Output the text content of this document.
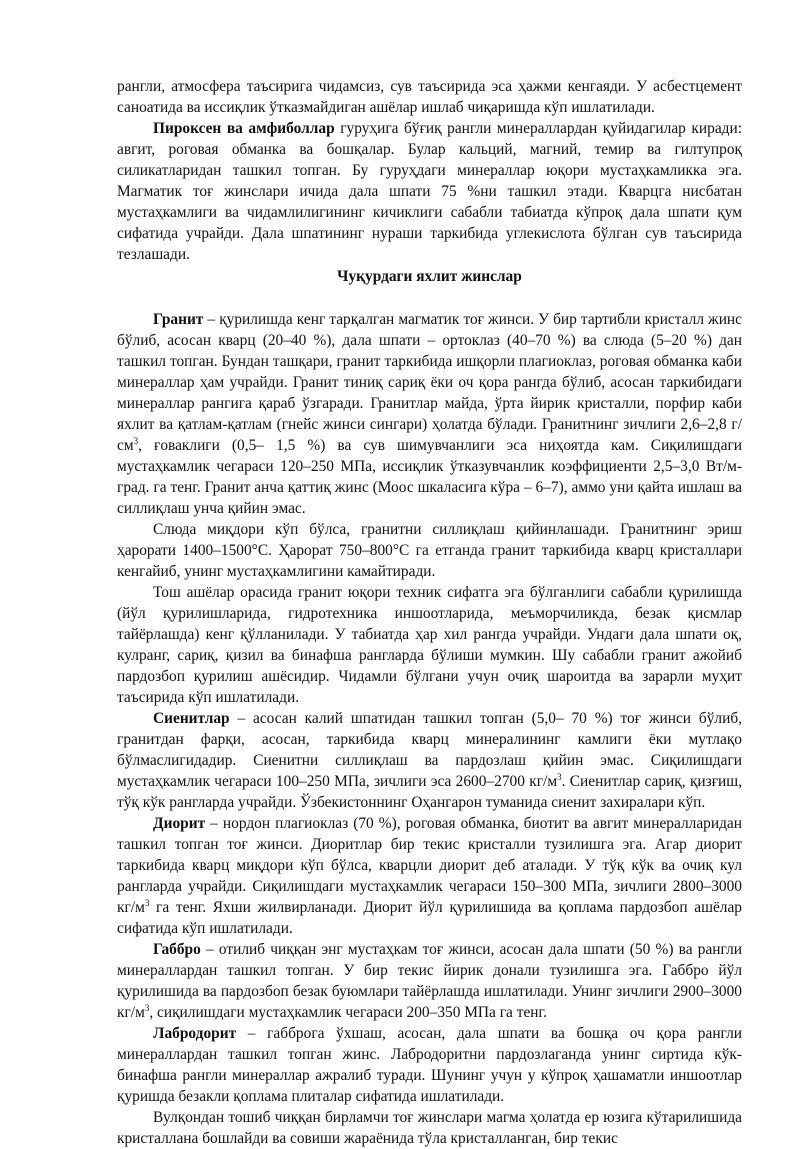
рангли, атмосфера таъсирига чидамсиз, сув таъсирида эса ҳажми кенгаяди. У асбестцемент саноатида ва иссиқлик ўтказмайдиган ашёлар ишлаб чиқаришда кўп ишлатилади.

Пироксен ва амфиболлар гуруҳига бўғиқ рангли минераллардан қуйидагилар киради: авгит, роговая обманка ва бошқалар. Булар кальций, магний, темир ва гилтупроқ силикатларидан ташкил топган. Бу гуруҳдаги минераллар юқори мустаҳкамликка эга. Магматик тоғ жинслари ичида дала шпати 75 %ни ташкил этади. Кварцга нисбатан мустаҳкамлиги ва чидамлилигининг кичиклиги сабабли табиатда кўпроқ дала шпати қум сифатида учрайди. Дала шпатининг нураши таркибида углекислота бўлган сув таъсирида тезлашади.

Чуқурдаги яхлит жинслар

Гранит – қурилишда кенг тарқалган магматик тоғ жинси. У бир тартибли кристалл жинс бўлиб, асосан кварц (20–40 %), дала шпати – ортоклаз (40–70 %) ва слюда (5–20 %) дан ташкил топган. Бундан ташқари, гранит таркибида ишқорли плагиоклаз, роговая обманка каби минераллар ҳам учрайди. Гранит тиниқ сариқ ёки оч қора рангда бўлиб, асосан таркибидаги минераллар рангига қараб ўзгаради. Гранитлар майда, ўрта йирик кристалли, порфир каби яхлит ва қатлам-қатлам (гнейс жинси сингари) ҳолатда бўлади. Гранитнинг зичлиги 2,6–2,8 $г/см^3$, ғоваклиги (0,5– 1,5 %) ва сув шимувчанлиги эса ниҳоятда кам. Сиқилишдаги мустаҳкамлик чегараси 120–250 МПа, иссиқлик ўтказувчанлик коэффициенти 2,5–3,0 Вт/м-град. га тенг. Гранит анча қаттиқ жинс (Моос шкаласига кўра – 6–7), аммо уни қайта ишлаш ва силлиқлаш унча қийин эмас.

Слюда миқдори кўп бўлса, гранитни силлиқлаш қийинлашади. Гранитнинг эриш ҳарорати 1400–1500°С. Ҳарорат 750–800°С га етганда гранит таркибида кварц кристаллари кенгайиб, унинг мустаҳкамлигини камайтиради.

Тош ашёлар орасида гранит юқори техник сифатга эга бўлганлиги сабабли қурилишда (йўл қурилишларида, гидротехника иншоотларида, меъморчиликда, безак қисмлар тайёрлашда) кенг қўлланилади. У табиатда ҳар хил рангда учрайди. Ундаги дала шпати оқ, кулранг, сариқ, қизил ва бинафша рангларда бўлиши мумкин. Шу сабабли гранит ажойиб пардозбоп қурилиш ашёсидир. Чидамли бўлгани учун очиқ шароитда ва зарарли муҳит таъсирида кўп ишлатилади.

Сиенитлар – асосан калий шпатидан ташкил топган (5,0– 70 %) тоғ жинси бўлиб, гранитдан фарқи, асосан, таркибида кварц минералининг камлиги ёки мутлақо бўлмаслигидадир. Сиенитни силлиқлаш ва пардозлаш қийин эмас. Сиқилишдаги мустаҳкамлик чегараси 100–250 МПа, зичлиги эса 2600–2700 $кг/м^3$. Сиенитлар сариқ, қизғиш, тўқ кўк рангларда учрайди. Ўзбекистоннинг Оҳангарон туманида сиенит захиралари кўп.

Диорит – нордон плагиоклаз (70 %), роговая обманка, биотит ва авгит минералларидан ташкил топган тоғ жинси. Диоритлар бир текис кристалли тузилишга эга. Агар диорит таркибида кварц миқдори кўп бўлса, кварцли диорит деб аталади. У тўқ кўк ва очиқ кул рангларда учрайди. Сиқилишдаги мустаҳкамлик чегараси 150–300 МПа, зичлиги 2800–3000 $кг/м^3$ га тенг. Яхши жилвирланади. Диорит йўл қурилишида ва қоплама пардозбоп ашёлар сифатида кўп ишлатилади.

Габбро – отилиб чиққан энг мустаҳкам тоғ жинси, асосан дала шпати (50 %) ва рангли минераллардан ташкил топган. У бир текис йирик донали тузилишга эга. Габбро йўл қурилишида ва пардозбоп безак буюмлари тайёрлашда ишлатилади. Унинг зичлиги 2900–3000 $кг/м^3$, сиқилишдаги мустаҳкамлик чегараси 200–350 МПа га тенг.

Лабродорит – габброга ўхшаш, асосан, дала шпати ва бошқа оч қора рангли минераллардан ташкил топган жинс. Лабродоритни пардозлаганда унинг сиртида кўк-бинафша рангли минераллар ажралиб туради. Шунинг учун у кўпроқ ҳашаматли иншоотлар қуришда безакли қоплама плиталар сифатида ишлатилади.

Вулқондан тошиб чиққан бирламчи тоғ жинслари магма ҳолатда ер юзига кўтарилишида кристаллана бошлайди ва совиши жараёнида тўла кристалланган, бир текис
